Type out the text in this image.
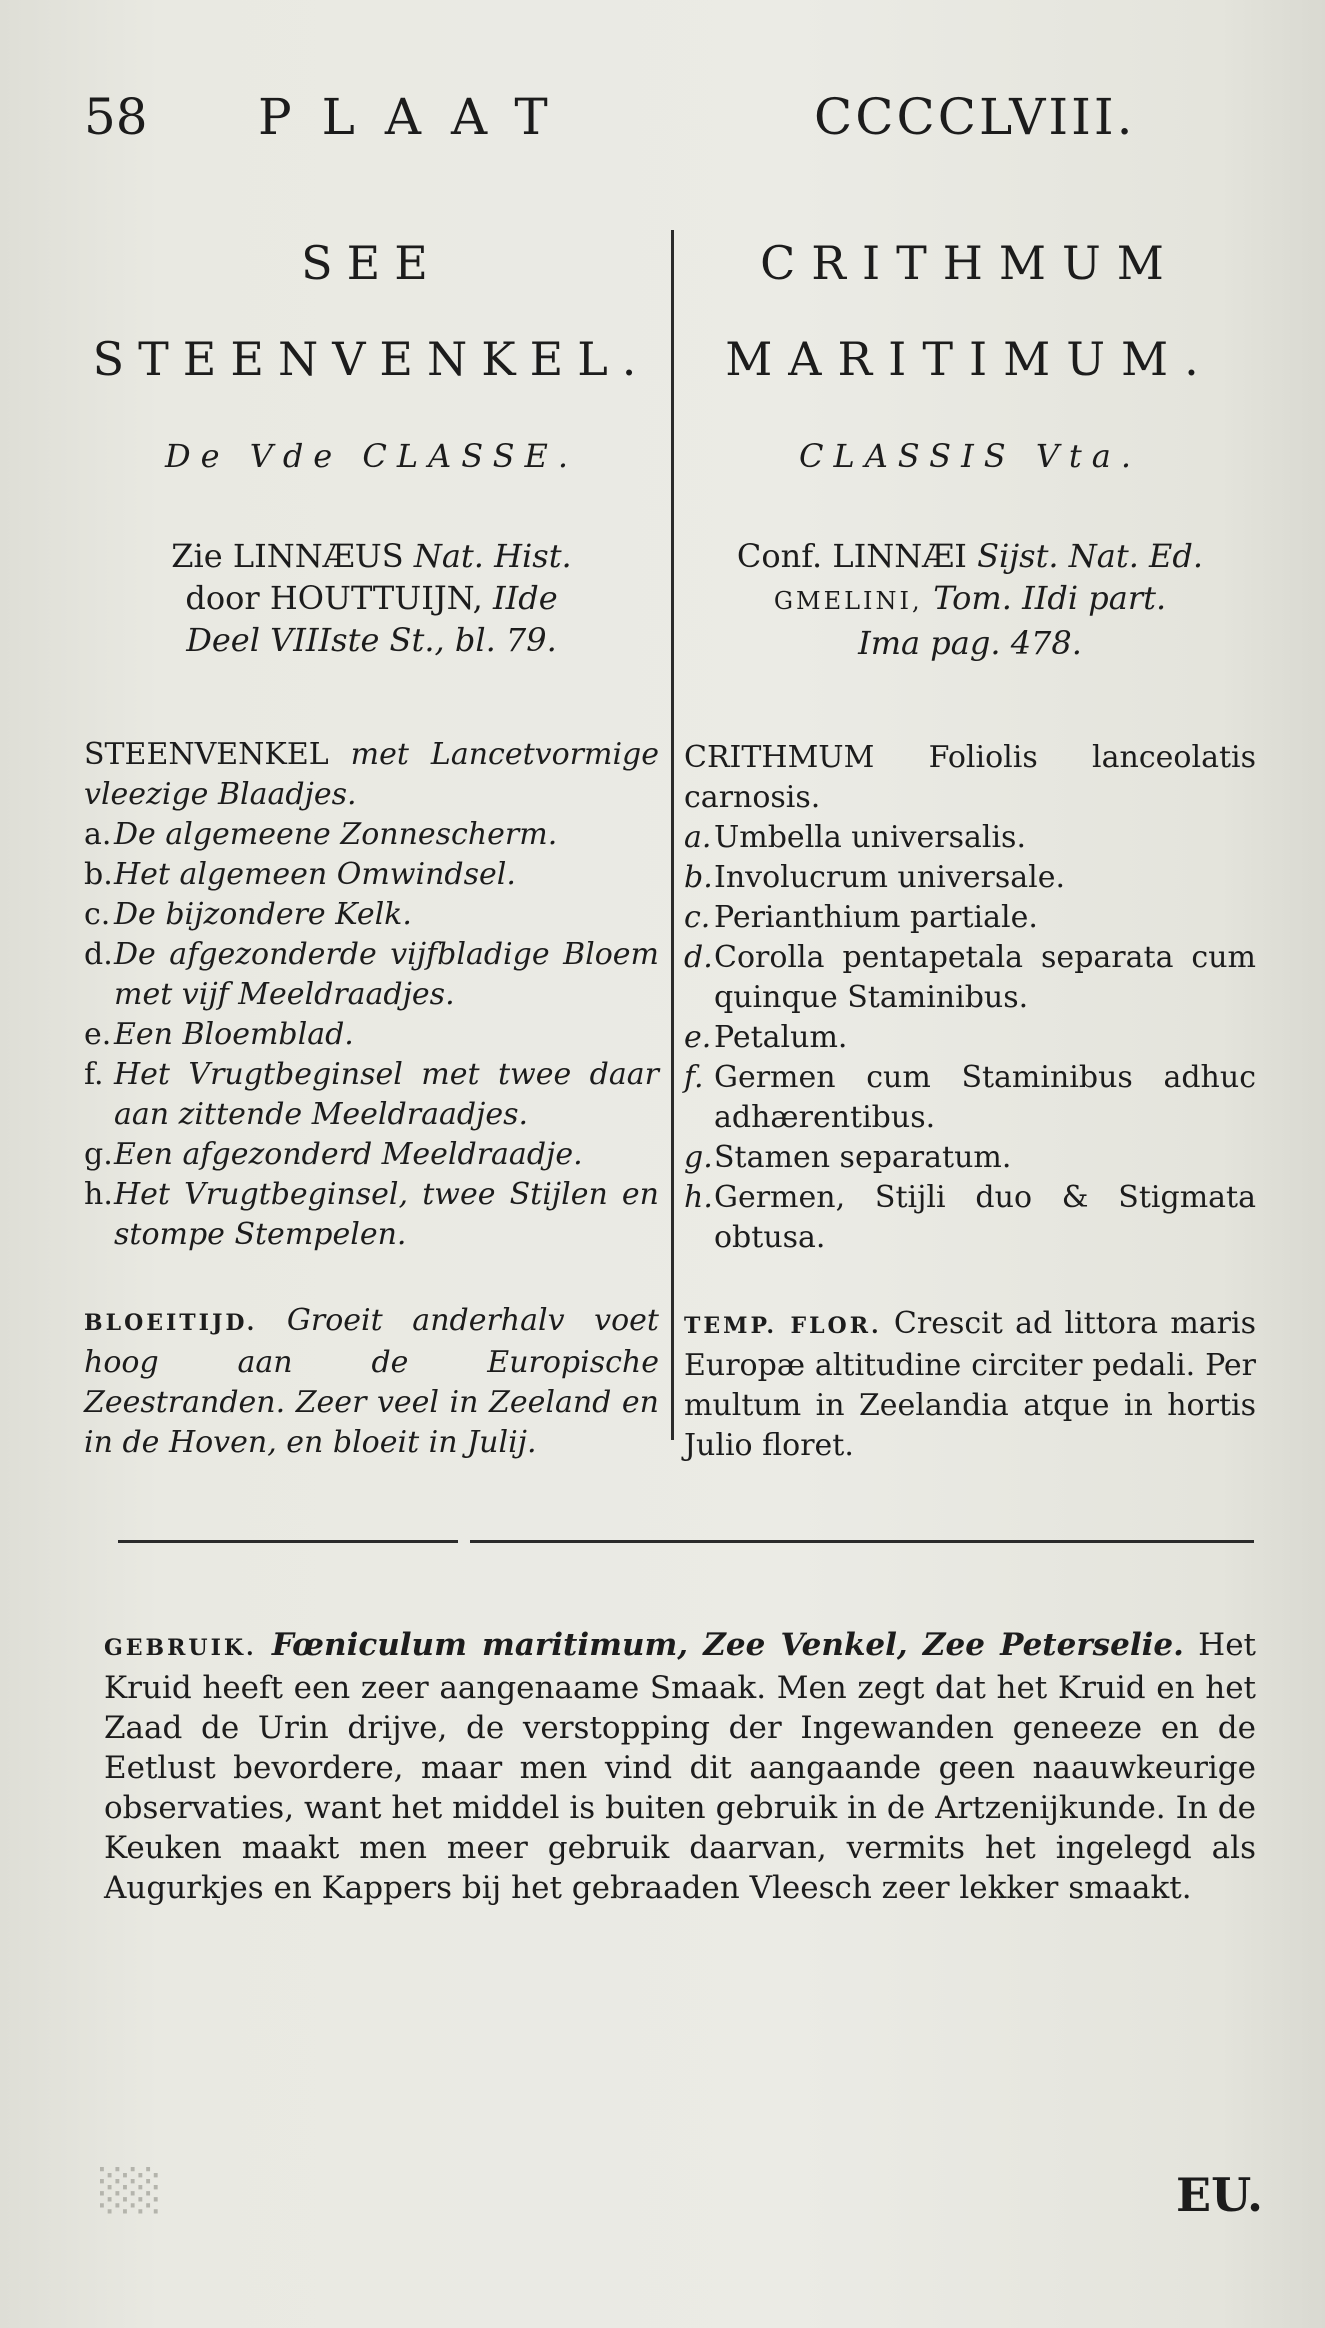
58 PLAAT	CCCCLVIII.
SEE
STEENVENKEL.
De Vde CLASSE.
Zie LINNÆUS Nat. Hist.
door HOUTTUIJN, IIde
Deel VIIIste St., bl. 79.
STEENVENKEL met Lancetvormige vleezige Blaadjes.
a. De algemeene Zonnescherm.
b. Het algemeen Omwindsel.
c. De bijzondere Kelk.
d. De afgezonderde vijfbladige Bloem met vijf Meeldraadjes.
e. Een Bloemblad.
f. Het Vrugtbeginsel met twee daar aan zittende Meeldraadjes.
g. Een afgezonderd Meeldraadje.
h. Het Vrugtbeginsel, twee Stijlen en stompe Stempelen.
BLOEITIJD. Groeit anderhalv voet hoog aan de Europische Zeestranden. Zeer veel in Zeeland en in de Hoven, en bloeit in Julij.
CRITHMUM
MARITIMUM.
CLASSIS Vta.
Conf. LINNÆI Sijst. Nat. Ed.
GMELINI, Tom. IIdi part.
Ima pag. 478.
CRITHMUM Foliolis lanceolatis carnosis.
a. Umbella universalis.
b. Involucrum universale.
c. Perianthium partiale.
d. Corolla pentapetala separata cum quinque Staminibus.
e. Petalum.
f. Germen cum Staminibus adhuc adhærentibus.
g. Stamen separatum.
h. Germen, Stijli duo & Stigmata obtusa.
TEMP. FLOR. Crescit ad littora maris Europæ altitudine circiter pedali. Per multum in Zeelandia atque in hortis Julio floret.
GEBRUIK. Fœniculum maritimum, Zee Venkel, Zee Peterselie. Het Kruid heeft een zeer aangenaame Smaak. Men zegt dat het Kruid en het Zaad de Urin drijve, de verstopping der Ingewanden geneeze en de Eetlust bevordere, maar men vind dit aangaande geen naauwkeurige observaties, want het middel is buiten gebruik in de Artzenijkunde. In de Keuken maakt men meer gebruik daarvan, vermits het ingelegd als Augurkjes en Kappers bij het gebraaden Vleesch zeer lekker smaakt.
░░	EU.
